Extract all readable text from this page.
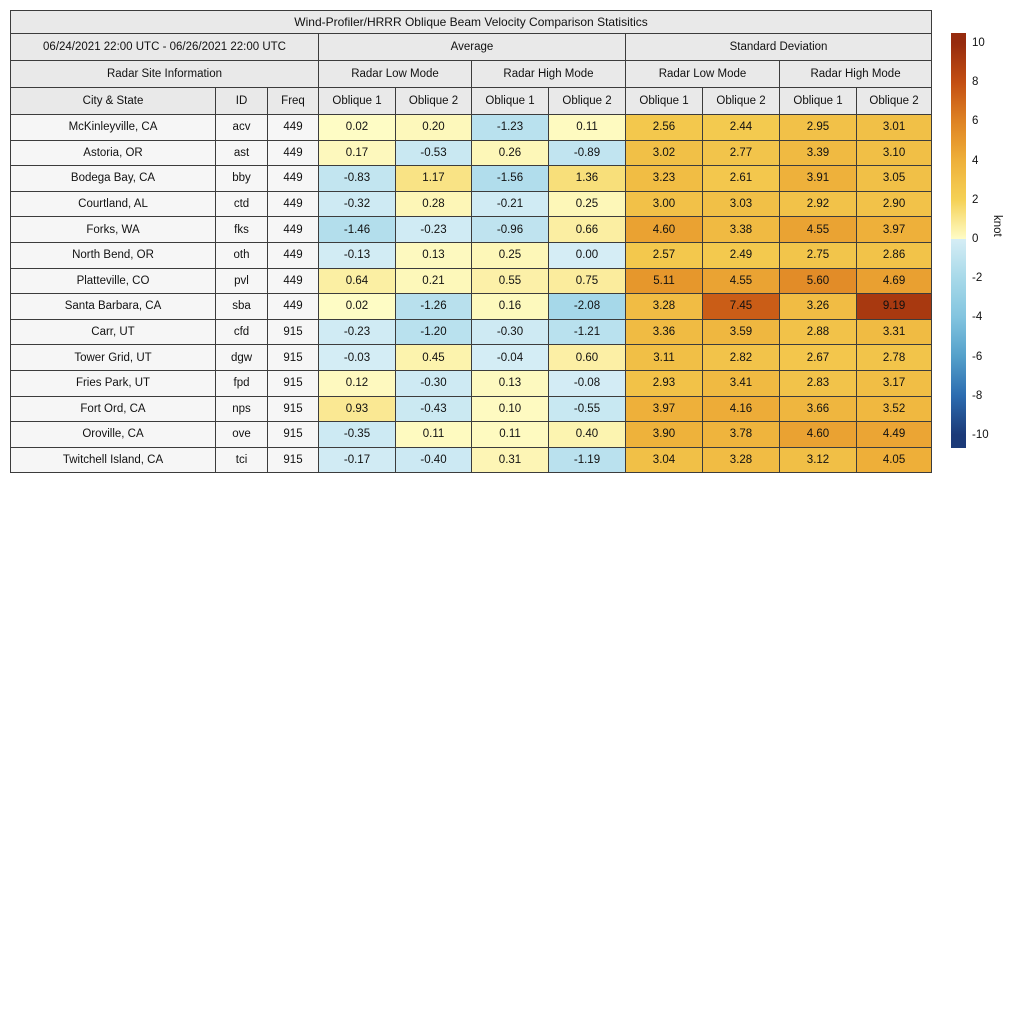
Wind-Profiler/HRRR Oblique Beam Velocity Comparison Statisitics										
06/24/2021 22:00 UTC - 06/26/2021 22:00 UTC			Average				Standard Deviation			
Radar Site Information			Radar Low Mode		Radar High Mode		Radar Low Mode		Radar High Mode	
City & State	ID	Freq	Oblique 1	Oblique 2	Oblique 1	Oblique 2	Oblique 1	Oblique 2	Oblique 1	Oblique 2
McKinleyville, CA	acv	449	0.02	0.20	-1.23	0.11	2.56	2.44	2.95	3.01
Astoria, OR	ast	449	0.17	-0.53	0.26	-0.89	3.02	2.77	3.39	3.10
Bodega Bay, CA	bby	449	-0.83	1.17	-1.56	1.36	3.23	2.61	3.91	3.05
Courtland, AL	ctd	449	-0.32	0.28	-0.21	0.25	3.00	3.03	2.92	2.90
Forks, WA	fks	449	-1.46	-0.23	-0.96	0.66	4.60	3.38	4.55	3.97
North Bend, OR	oth	449	-0.13	0.13	0.25	0.00	2.57	2.49	2.75	2.86
Platteville, CO	pvl	449	0.64	0.21	0.55	0.75	5.11	4.55	5.60	4.69
Santa Barbara, CA	sba	449	0.02	-1.26	0.16	-2.08	3.28	7.45	3.26	9.19
Carr, UT	cfd	915	-0.23	-1.20	-0.30	-1.21	3.36	3.59	2.88	3.31
Tower Grid, UT	dgw	915	-0.03	0.45	-0.04	0.60	3.11	2.82	2.67	2.78
Fries Park, UT	fpd	915	0.12	-0.30	0.13	-0.08	2.93	3.41	2.83	3.17
Fort Ord, CA	nps	915	0.93	-0.43	0.10	-0.55	3.97	4.16	3.66	3.52
Oroville, CA	ove	915	-0.35	0.11	0.11	0.40	3.90	3.78	4.60	4.49
Twitchell Island, CA	tci	915	-0.17	-0.40	0.31	-1.19	3.04	3.28	3.12	4.05
10
8
6
4
2
0
-2
-4
-6
-8
-10
knot
